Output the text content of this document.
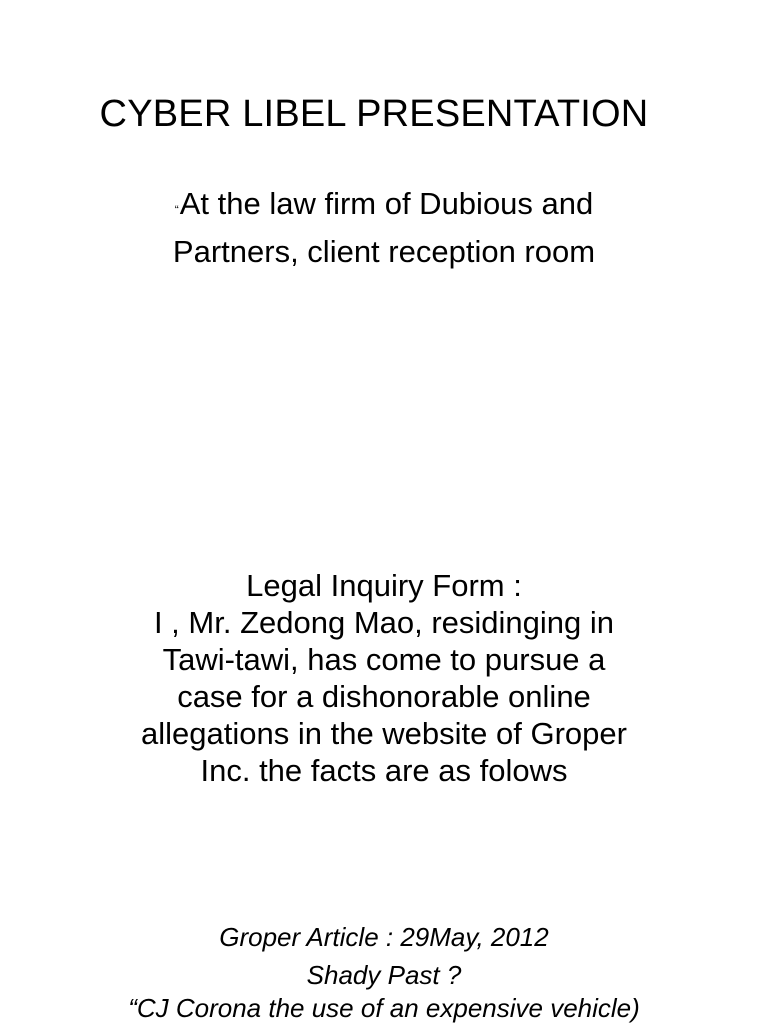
CYBER LIBEL PRESENTATION
“At the law firm of Dubious and
Partners, client reception room
Legal Inquiry Form :
I , Mr. Zedong Mao, residinging in
Tawi-tawi, has come to pursue a
case for a dishonorable online
allegations in the website of Groper
Inc. the facts are as folows
Groper Article : 29May, 2012
Shady Past ?
“CJ Corona the use of an expensive vehicle)
